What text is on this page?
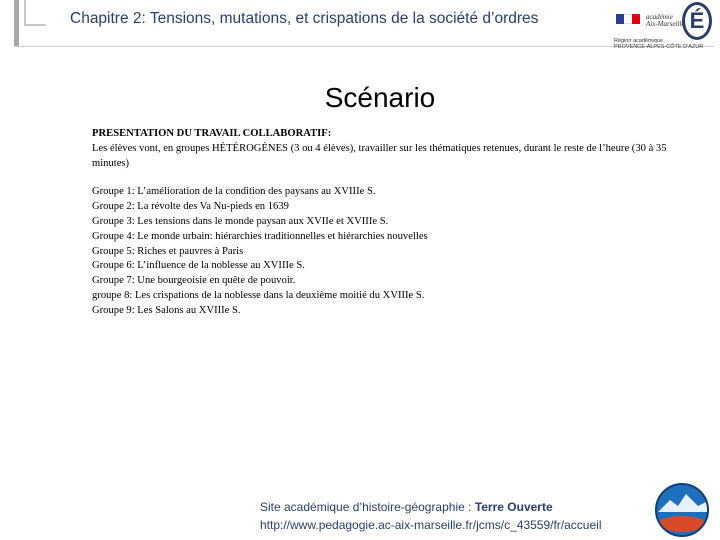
Chapitre 2: Tensions, mutations, et crispations de la société d’ordres	académie
Aix-Marseille É
Région académique
PROVENCE-ALPES-CÔTE D’AZUR
Scénario

PRESENTATION DU TRAVAIL COLLABORATIF:

Les élèves vont, en groupes HÉTÉROGÈNES (3 ou 4 élèves), travailler sur les thématiques retenues, durant le reste de l’heure (30 à 35 minutes)

Groupe 1: L’amélioration de la condition des paysans au XVIIIe S.

Groupe 2: La révolte des Va Nu-pieds en 1639

Groupe 3: Les tensions dans le monde paysan aux XVIIe et XVIIIe S.

Groupe 4: Le monde urbain: hiérarchies traditionnelles et hiérarchies nouvelles

Groupe 5: Riches et pauvres à Paris

Groupe 6: L’influence de la noblesse au XVIIIe S.

Groupe 7: Une bourgeoisie en quête de pouvoir.

groupe 8: Les crispations de la noblesse dans la deuxième moitié du XVIIIe S.

Groupe 9: Les Salons au XVIIIe S.

Site académique d’histoire-géographie : Terre Ouverte
http://www.pedagogie.ac-aix-marseille.fr/jcms/c_43559/fr/accueil
